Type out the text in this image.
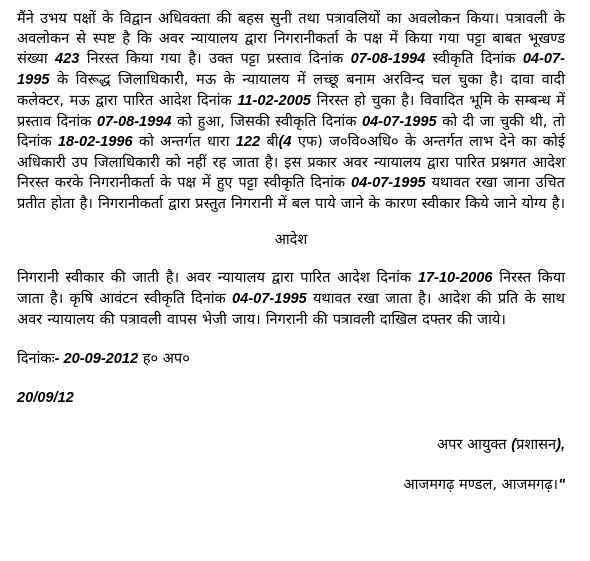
मैंने उभय पक्षों के विद्वान अधिवक्ता की बहस सुनी तथा पत्रावलियों का अवलोकन किया। पत्रावली के अवलोकन से स्पष्ट है कि अवर न्यायालय द्वारा निगरानीकर्ता के पक्ष में किया गया पट्टा बाबत भूखण्ड संख्या 423 निरस्त किया गया है। उक्त पट्टा प्रस्ताव दिनांक 07-08-1994 स्वीकृति दिनांक 04-07-1995 के विरूद्ध जिलाधिकारी, मऊ के न्यायालय में लच्छू बनाम अरविन्द चल चुका है। दावा वादी कलेक्टर, मऊ द्वारा पारित आदेश दिनांक 11-02-2005 निरस्त हो चुका है। विवादित भूमि के सम्बन्ध में प्रस्ताव दिनांक 07-08-1994 को हुआ, जिसकी स्वीकृति दिनांक 04-07-1995 को दी जा चुकी थी, तो दिनांक 18-02-1996 को अन्तर्गत धारा 122 बी(4 एफ) ज०वि०अधि० के अन्तर्गत लाभ देने का कोई अधिकारी उप जिलाधिकारी को नहीं रह जाता है। इस प्रकार अवर न्यायालय द्वारा पारित प्रश्नगत आदेश निरस्त करके निगरानीकर्ता के पक्ष में हुए पट्टा स्वीकृति दिनांक 04-07-1995 यथावत रखा जाना उचित प्रतीत होता है। निगरानीकर्ता द्वारा प्रस्तुत निगरानी में बल पाये जाने के कारण स्वीकार किये जाने योग्य है।

आदेश

निगरानी स्वीकार की जाती है। अवर न्यायालय द्वारा पारित आदेश दिनांक 17-10-2006 निरस्त किया जाता है। कृषि आवंटन स्वीकृति दिनांक 04-07-1995 यथावत रखा जाता है। आदेश की प्रति के साथ अवर न्यायालय की पत्रावली वापस भेजी जाय। निगरानी की पत्रावली दाखिल दफ्तर की जाये।

दिनांकः- 20-09-2012 ह० अप०

20/09/12

अपर आयुक्त (प्रशासन),

आजमगढ़ मण्डल, आजमगढ़।"
